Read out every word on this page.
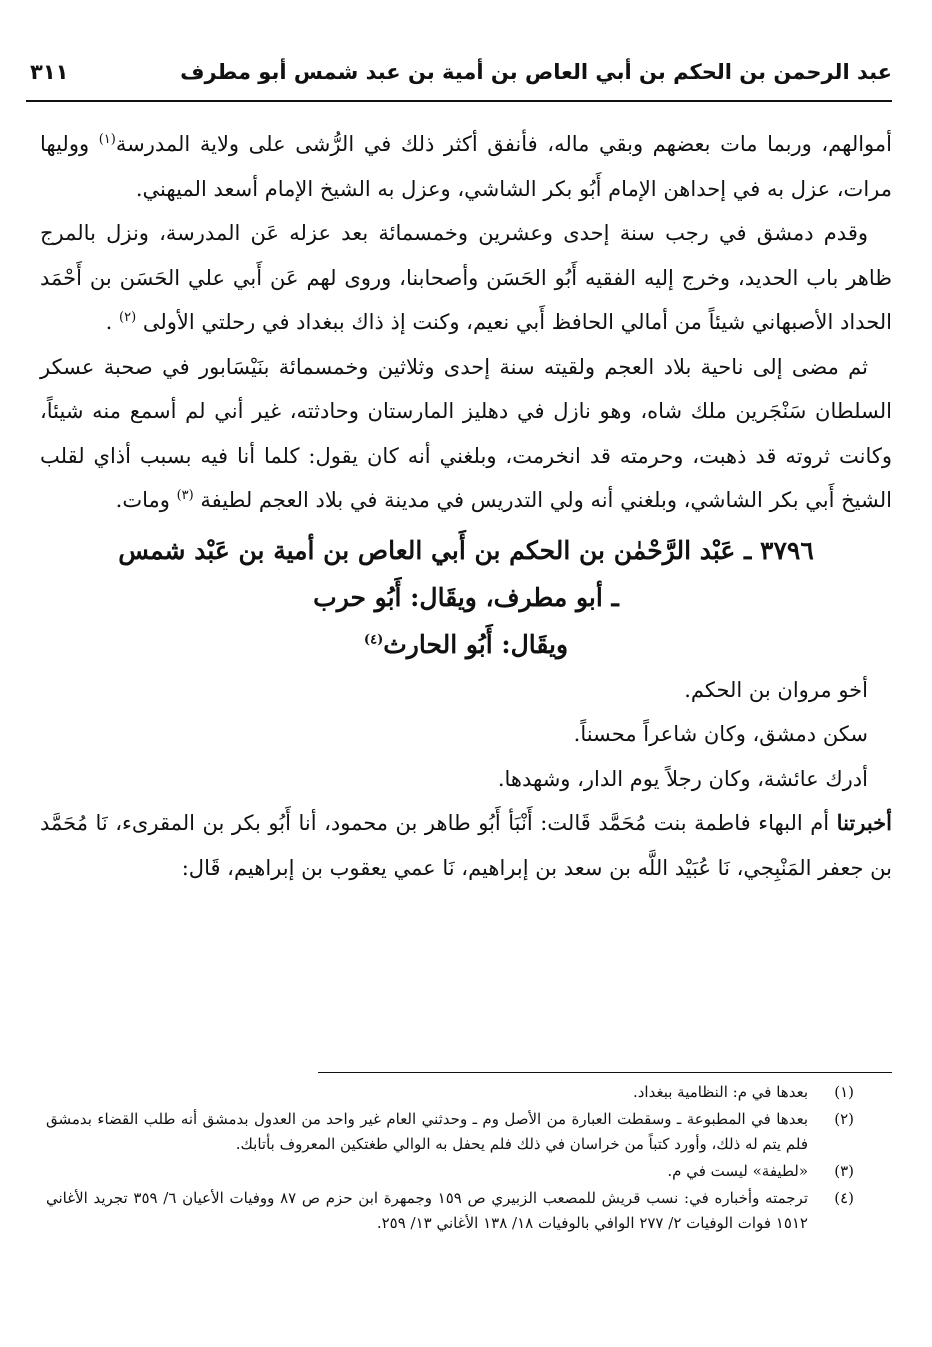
عبد الرحمن بن الحكم بن أبي العاص بن أمية بن عبد شمس أبو مطرف
٣١١

أموالهم، وربما مات بعضهم وبقي ماله، فأنفق أكثر ذلك في الرُّشى على ولاية المدرسة$^{(١)}$ ووليها مرات، عزل به في إحداهن الإمام أَبُو بكر الشاشي، وعزل به الشيخ الإمام أسعد الميهني.

وقدم دمشق في رجب سنة إحدى وعشرين وخمسمائة بعد عزله عَن المدرسة، ونزل بالمرج ظاهر باب الحديد، وخرج إليه الفقيه أَبُو الحَسَن وأصحابنا، وروى لهم عَن أَبي علي الحَسَن بن أَحْمَد الحداد الأصبهاني شيئاً من أمالي الحافظ أَبي نعيم، وكنت إذ ذاك ببغداد في رحلتي الأولى $^{(٢)}$ .

ثم مضى إلى ناحية بلاد العجم ولقيته سنة إحدى وثلاثين وخمسمائة بنَيْسَابور في صحبة عسكر السلطان سَنْجَرين ملك شاه، وهو نازل في دهليز المارستان وحادثته، غير أني لم أسمع منه شيئاً، وكانت ثروته قد ذهبت، وحرمته قد انخرمت، وبلغني أنه كان يقول: كلما أنا فيه بسبب أذاي لقلب الشيخ أَبي بكر الشاشي، وبلغني أنه ولي التدريس في مدينة في بلاد العجم لطيفة $^{(٣)}$ ومات.

٣٧٩٦ ـ عَبْد الرَّحْمٰن بن الحكم بن أَبي العاص بن أمية بن عَبْد شمس
ـ أبو مطرف، ويقَال: أَبُو حرب
ويقَال: أَبُو الحارث$^{(٤)}$

أخو مروان بن الحكم.

سكن دمشق، وكان شاعراً محسناً.

أدرك عائشة، وكان رجلاً يوم الدار، وشهدها.

أخبرتنا أم البهاء فاطمة بنت مُحَمَّد قَالت: أَنْبَأ أَبُو طاهر بن محمود، أنا أَبُو بكر بن المقرىء، نَا مُحَمَّد بن جعفر المَنْبِجي، نَا عُبَيْد اللَّه بن سعد بن إبراهيم، نَا عمي يعقوب بن إبراهيم، قَال:

(١)
بعدها في م: النظامية ببغداد.
(٢)
بعدها في المطبوعة ـ وسقطت العبارة من الأصل وم ـ وحدثني العام غير واحد من العدول بدمشق أنه طلب القضاء بدمشق فلم يتم له ذلك، وأورد كتباً من خراسان في ذلك فلم يحفل به الوالي طغتكين المعروف بأتابك.
(٣)
«لطيفة» ليست في م.
(٤)
ترجمته وأخباره في: نسب قريش للمصعب الزبيري ص ١٥٩ وجمهرة ابن حزم ص ٨٧ ووفيات الأعيان ٦/ ٣٥٩ تجريد الأغاني ١٥١٢ فوات الوفيات ٢/ ٢٧٧ الوافي بالوفيات ١٨/ ١٣٨ الأغاني ١٣/ ٢٥٩.
